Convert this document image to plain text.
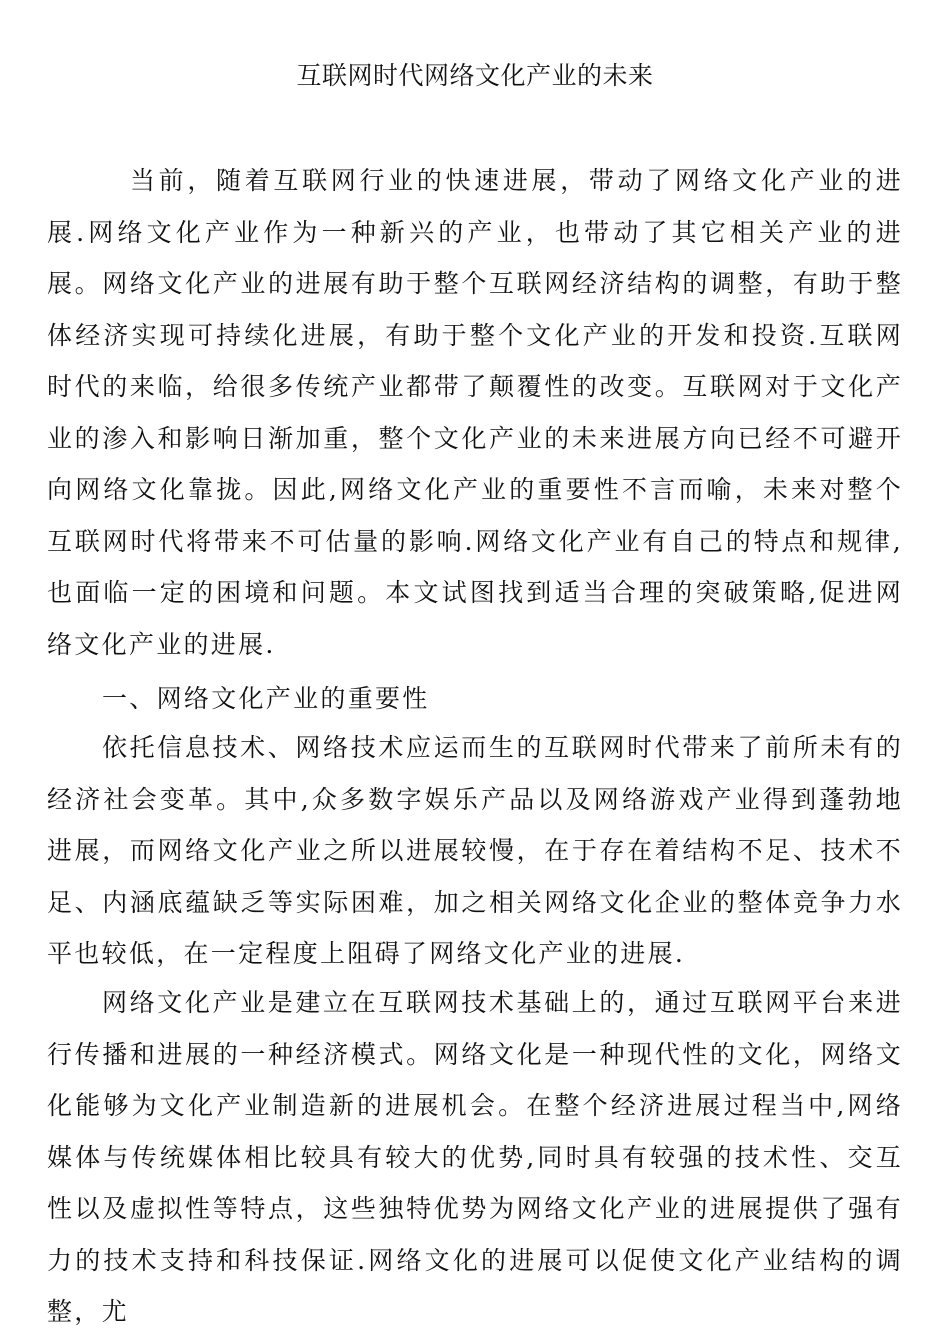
互联网时代网络文化产业的未来

当前，随着互联网行业的快速进展，带动了网络文化产业的进展.网络文化产业作为一种新兴的产业，也带动了其它相关产业的进展。网络文化产业的进展有助于整个互联网经济结构的调整，有助于整体经济实现可持续化进展，有助于整个文化产业的开发和投资.互联网时代的来临，给很多传统产业都带了颠覆性的改变。互联网对于文化产业的渗入和影响日渐加重，整个文化产业的未来进展方向已经不可避开向网络文化靠拢。因此,网络文化产业的重要性不言而喻，未来对整个互联网时代将带来不可估量的影响.网络文化产业有自己的特点和规律,也面临一定的困境和问题。本文试图找到适当合理的突破策略,促进网络文化产业的进展.

一、网络文化产业的重要性

依托信息技术、网络技术应运而生的互联网时代带来了前所未有的经济社会变革。其中,众多数字娱乐产品以及网络游戏产业得到蓬勃地进展，而网络文化产业之所以进展较慢，在于存在着结构不足、技术不足、内涵底蕴缺乏等实际困难，加之相关网络文化企业的整体竞争力水平也较低，在一定程度上阻碍了网络文化产业的进展.

网络文化产业是建立在互联网技术基础上的，通过互联网平台来进行传播和进展的一种经济模式。网络文化是一种现代性的文化，网络文化能够为文化产业制造新的进展机会。在整个经济进展过程当中,网络媒体与传统媒体相比较具有较大的优势,同时具有较强的技术性、交互性以及虚拟性等特点，这些独特优势为网络文化产业的进展提供了强有力的技术支持和科技保证.网络文化的进展可以促使文化产业结构的调整，尤
